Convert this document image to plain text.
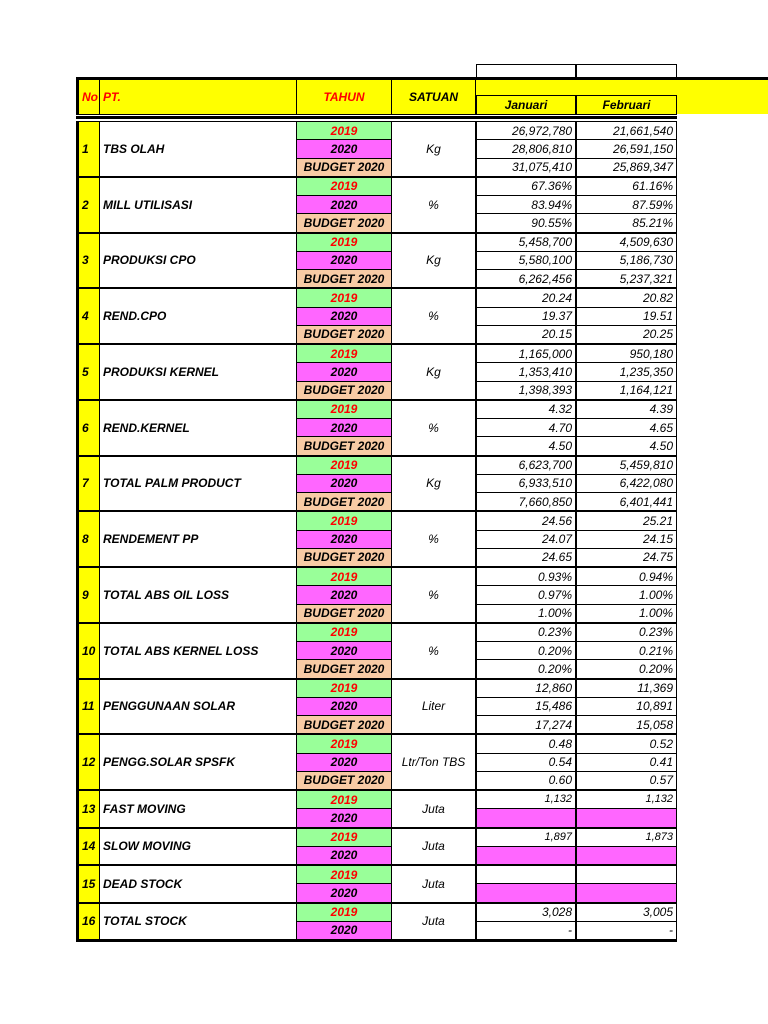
No PT.	TAHUN	SATUAN
Januari	Februari
1	TBS OLAH	Kg
2019	26,972,780	21,661,540
2020	28,806,810	26,591,150
BUDGET 2020	31,075,410	25,869,347
2	MILL UTILISASI	%
2019	67.36%	61.16%
2020	83.94%	87.59%
BUDGET 2020	90.55%	85.21%
3	PRODUKSI CPO	Kg
2019	5,458,700	4,509,630
2020	5,580,100	5,186,730
BUDGET 2020	6,262,456	5,237,321
4	REND.CPO	%
2019	20.24	20.82
2020	19.37	19.51
BUDGET 2020	20.15	20.25
5	PRODUKSI KERNEL	Kg
2019	1,165,000	950,180
2020	1,353,410	1,235,350
BUDGET 2020	1,398,393	1,164,121
6	REND.KERNEL	%
2019	4.32	4.39
2020	4.70	4.65
BUDGET 2020	4.50	4.50
7	TOTAL PALM PRODUCT	Kg
2019	6,623,700	5,459,810
2020	6,933,510	6,422,080
BUDGET 2020	7,660,850	6,401,441
8	RENDEMENT PP	%
2019	24.56	25.21
2020	24.07	24.15
BUDGET 2020	24.65	24.75
9	TOTAL ABS OIL LOSS	%
2019	0.93%	0.94%
2020	0.97%	1.00%
BUDGET 2020	1.00%	1.00%
10 TOTAL ABS KERNEL LOSS	%
2019	0.23%	0.23%
2020	0.20%	0.21%
BUDGET 2020	0.20%	0.20%
11 PENGGUNAAN SOLAR	Liter
2019	12,860	11,369
2020	15,486	10,891
BUDGET 2020	17,274	15,058
12 PENGG.SOLAR SPSFK	Ltr/Ton TBS
2019	0.48	0.52
2020	0.54	0.41
BUDGET 2020	0.60	0.57
13 FAST MOVING	Juta
2019	1,132	1,132
2020
14 SLOW MOVING	Juta
2019	1,897	1,873
2020
15 DEAD STOCK	Juta
2019
2020
16 TOTAL STOCK	Juta
2019	3,028	3,005
2020	-	-
